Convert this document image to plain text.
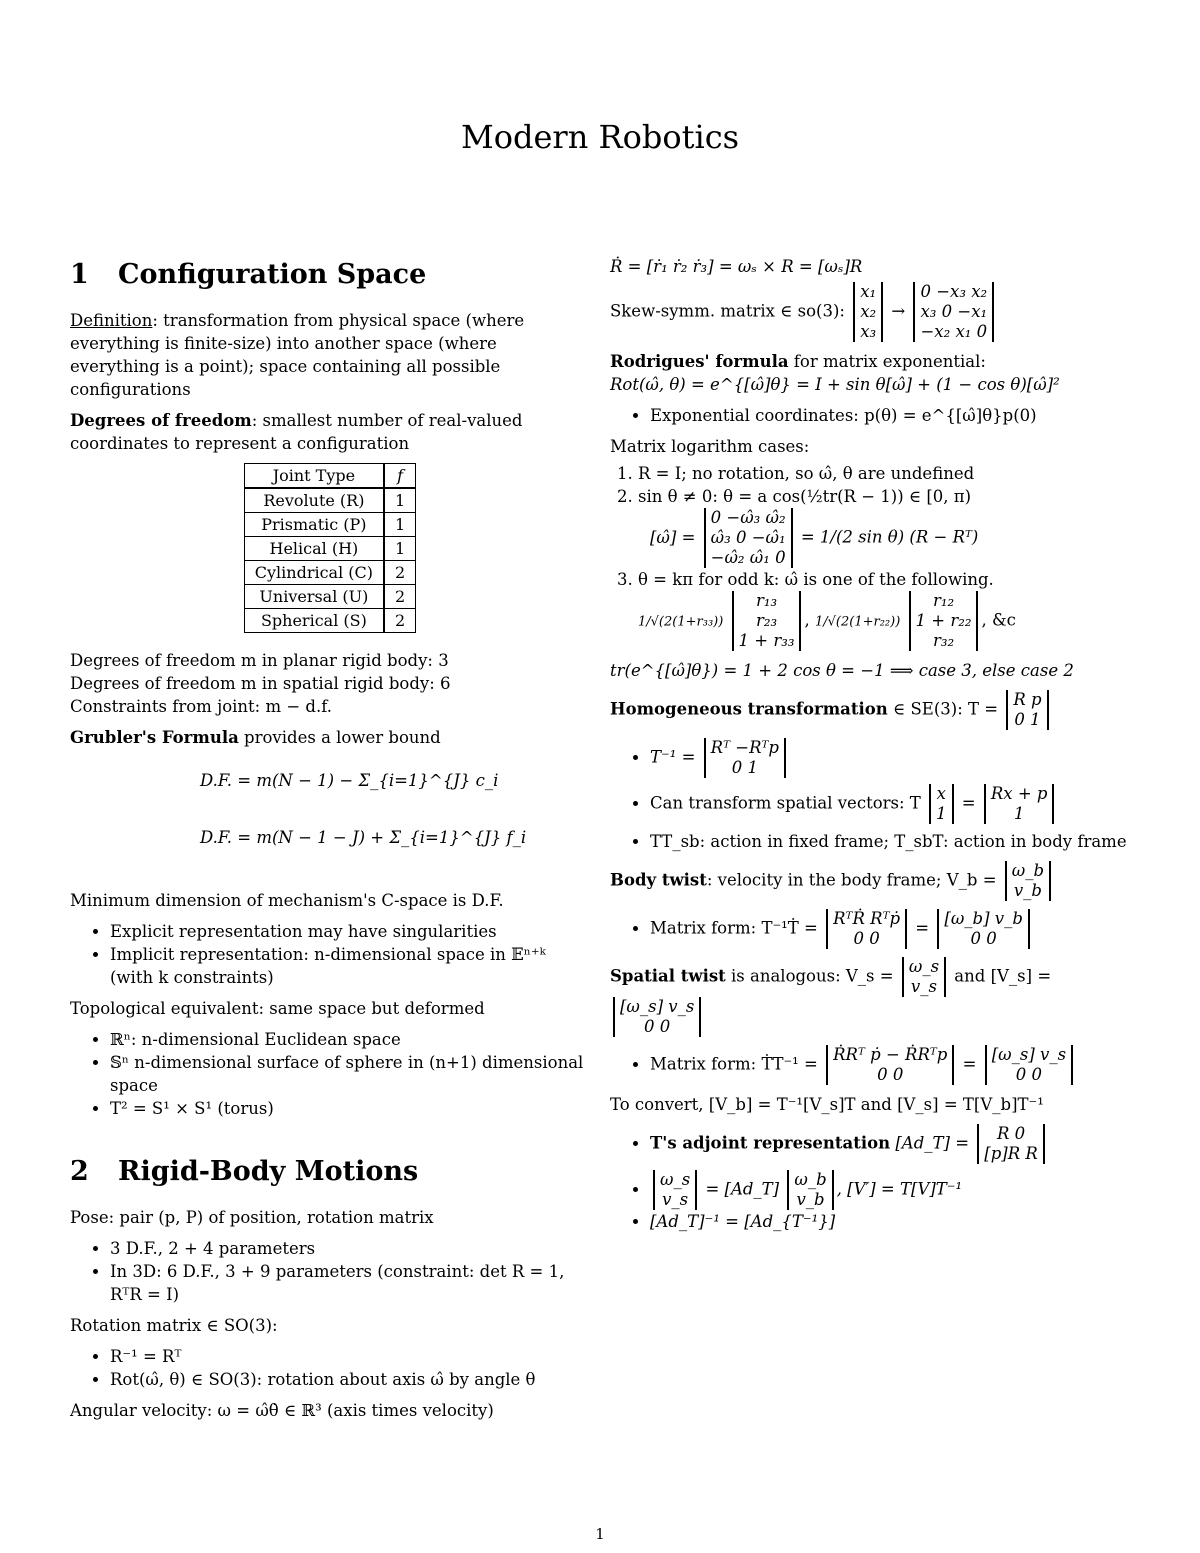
Modern Robotics
1 Configuration Space

Definition: transformation from physical space (where everything is finite-size) into another space (where everything is a point); space containing all possible configurations

Degrees of freedom: smallest number of real-valued coordinates to represent a configuration

Joint Type	f
Revolute (R)	1
Prismatic (P)	1
Helical (H)	1
Cylindrical (C)	2
Universal (U)	2
Spherical (S)	2
Degrees of freedom m in planar rigid body: 3
Degrees of freedom m in spatial rigid body: 6
Constraints from joint: m − d.f.

Grubler's Formula provides a lower bound

D.F. = m(N − 1) − Σ_{i=1}^{J} c_i
D.F. = m(N − 1 − J) + Σ_{i=1}^{J} f_i

Minimum dimension of mechanism's C-space is D.F.

• Explicit representation may have singularities
• Implicit representation: n-dimensional space in 𝔼ⁿ⁺ᵏ (with k constraints)

Topological equivalent: same space but deformed

• ℝⁿ: n-dimensional Euclidean space
• 𝕊ⁿ n-dimensional surface of sphere in (n+1) dimensional space
• T² = S¹ × S¹ (torus)
2 Rigid-Body Motions

Pose: pair (p, P) of position, rotation matrix

• 3 D.F., 2 + 4 parameters
• In 3D: 6 D.F., 3 + 9 parameters (constraint: det R = 1, RᵀR = I)

Rotation matrix ∈ SO(3):

• R⁻¹ = Rᵀ
• Rot(ω̂, θ) ∈ SO(3): rotation about axis ω̂ by angle θ

Angular velocity: ω = ω̂θ̇ ∈ ℝ³ (axis times velocity)

Ṙ = [ṙ₁ ṙ₂ ṙ₃] = ωₛ × R = [ωₛ]R

Skew-symm. matrix ∈ so(3):
x₁
x₂
x₃
→
0 −x₃ x₂
x₃ 0 −x₁
−x₂ x₁ 0

Rodrigues' formula for matrix exponential:

Rot(ω̂, θ) = e^{[ω̂]θ} = I + sin θ[ω̂] + (1 − cos θ)[ω̂]²

• Exponential coordinates: p(θ) = e^{[ω̂]θ}p(0)
Matrix logarithm cases:
1. R = I; no rotation, so ω̂, θ are undefined
2. sin θ ≠ 0: θ = a cos(½tr(R − 1)) ∈ [0, π)
[ω̂] =
0 −ω̂₃ ω̂₂
ω̂₃ 0 −ω̂₁
−ω̂₂ ω̂₁ 0
= 1/(2 sin θ) (R − Rᵀ)
3. θ = kπ for odd k: ω̂ is one of the following.
1/√(2(1+r₃₃))
r₁₃
r₂₃
1 + r₃₃
, 1/√(2(1+r₂₂))
r₁₂
1 + r₂₂
r₃₂
, &c

tr(e^{[ω̂]θ}) = 1 + 2 cos θ = −1 ⟹ case 3, else case 2

Homogeneous transformation ∈ SE(3): T = R p
0 1

• T⁻¹ = Rᵀ −Rᵀp
0 1
• Can transform spatial vectors: T x
1
= Rx + p
1
• TT_sb: action in fixed frame; T_sbT: action in body frame

Body twist: velocity in the body frame; V_b = ω_b
v_b

• Matrix form: T⁻¹Ṫ = RᵀṘ Rᵀṗ
0 0
= [ω_b] v_b
0 0

Spatial twist is analogous: V_s = ω_s
v_s
and [V_s] =
[ω_s] v_s
0 0

• Matrix form: ṪT⁻¹ = ṘRᵀ ṗ − ṘRᵀp
0 0
= [ω_s] v_s
0 0

To convert, [V_b] = T⁻¹[V_s]T and [V_s] = T[V_b]T⁻¹

• T's adjoint representation [Ad_T] =	R 0
[p]R R
• ω_s
v_s
= [Ad_T] ω_b
v_b
, [V′] = T[V]T⁻¹
• [Ad_T]⁻¹ = [Ad_{T⁻¹}]
1
